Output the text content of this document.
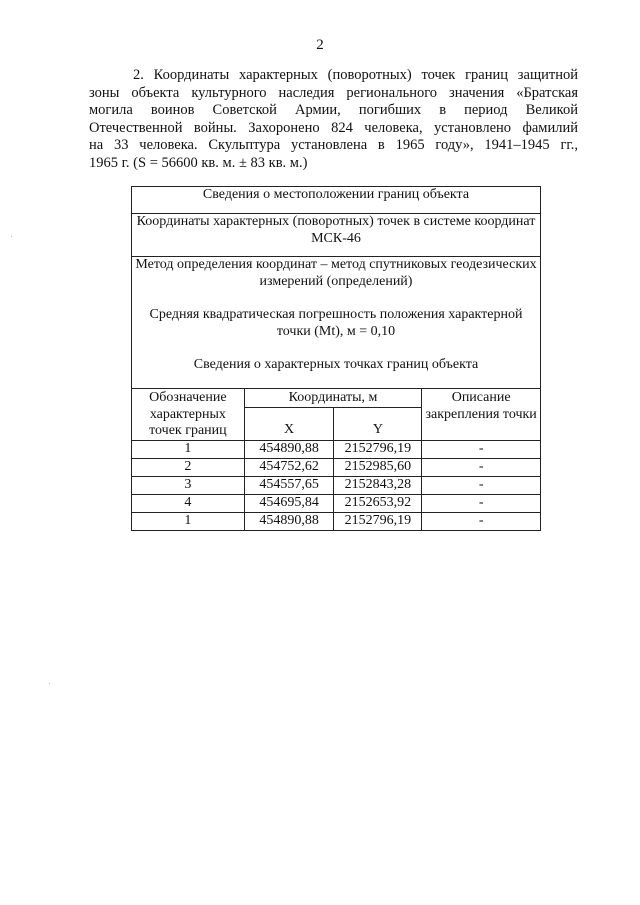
2
2. Координаты характерных (поворотных) точек границ защитной
зоны объекта культурного наследия регионального значения «Братская
могила воинов Советской Армии, погибших в период Великой
Отечественной войны. Захоронено 824 человека, установлено фамилий
на 33 человека. Скульптура установлена в 1965 году», 1941–1945 гг.,
1965 г. (S = 56600 кв. м. ± 83 кв. м.)
Сведения о местоположении границ объекта			
Координаты характерных (поворотных) точек в системе координат МСК-46			

Метод определения координат – метод спутниковых геодезических измерений (определений)

Средняя квадратическая погрешность положения характерной точки (Mt), м = 0,10

Сведения о характерных точках границ объекта			

Обозначение характерных точек границ	Координаты, м		Описание закрепления точки
	X	Y	
1	454890,88	2152796,19	-
2	454752,62	2152985,60	-
3	454557,65	2152843,28	-
4	454695,84	2152653,92	-
1	454890,88	2152796,19	-
